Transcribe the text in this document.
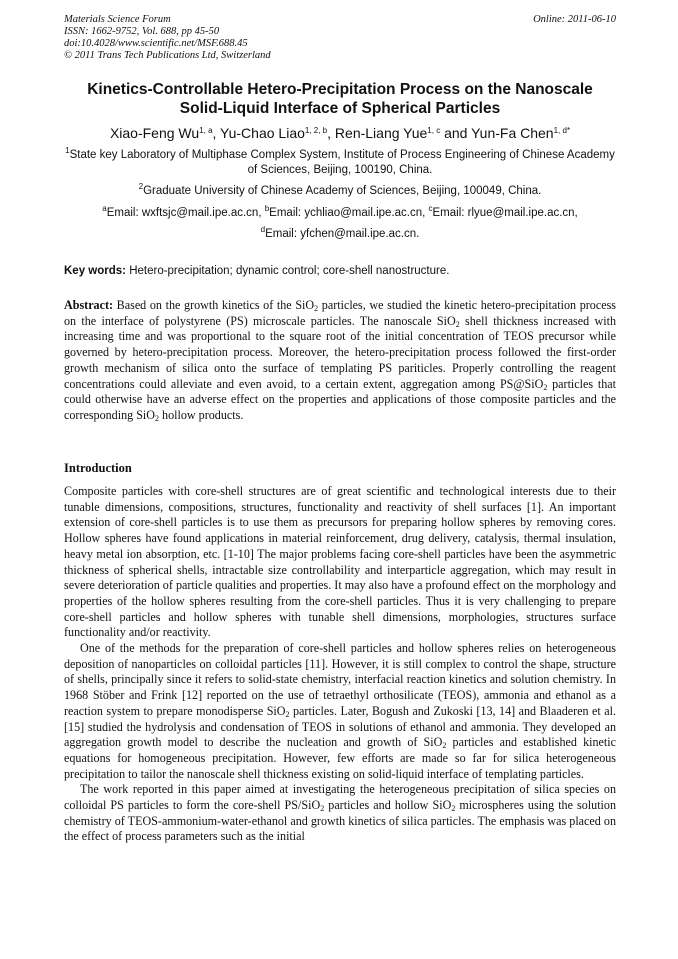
Materials Science Forum
ISSN: 1662-9752, Vol. 688, pp 45-50
doi:10.4028/www.scientific.net/MSF.688.45
© 2011 Trans Tech Publications Ltd, Switzerland
Online: 2011-06-10
Kinetics-Controllable Hetero-Precipitation Process on the Nanoscale
Solid-Liquid Interface of Spherical Particles
Xiao-Feng Wu$^{1, a}$, Yu-Chao Liao$^{1, 2, b}$, Ren-Liang Yue$^{1, c}$ and Yun-Fa Chen$^{1, d*}$
$^1$State key Laboratory of Multiphase Complex System, Institute of Process Engineering of Chinese Academy of Sciences, Beijing, 100190, China.
$^2$Graduate University of Chinese Academy of Sciences, Beijing, 100049, China.
$^a$Email: wxftsjc@mail.ipe.ac.cn, $^b$Email: ychliao@mail.ipe.ac.cn, $^c$Email: rlyue@mail.ipe.ac.cn,
$^d$Email: yfchen@mail.ipe.ac.cn.
Key words: Hetero-precipitation; dynamic control; core-shell nanostructure.
Abstract: Based on the growth kinetics of the SiO$_2$ particles, we studied the kinetic hetero-precipitation process on the interface of polystyrene (PS) microscale particles. The nanoscale SiO$_2$ shell thickness increased with increasing time and was proportional to the square root of the initial concentration of TEOS precursor while governed by hetero-precipitation process. Moreover, the hetero-precipitation process followed the first-order growth mechanism of silica onto the surface of templating PS pariticles. Properly controlling the reagent concentrations could alleviate and even avoid, to a certain extent, aggregation among PS@SiO$_2$ particles that could otherwise have an adverse effect on the properties and applications of those composite particles and the corresponding SiO$_2$ hollow products.
Introduction

Composite particles with core-shell structures are of great scientific and technological interests due to their tunable dimensions, compositions, structures, functionality and reactivity of shell surfaces [1]. An important extension of core-shell particles is to use them as precursors for preparing hollow spheres by removing cores. Hollow spheres have found applications in material reinforcement, drug delivery, catalysis, thermal insulation, heavy metal ion absorption, etc. [1-10] The major problems facing core-shell particles have been the asymmetric thickness of spherical shells, intractable size controllability and interparticle aggregation, which may result in severe deterioration of particle qualities and properties. It may also have a profound effect on the morphology and properties of the hollow spheres resulting from the core-shell particles. Thus it is very challenging to prepare core-shell particles and hollow spheres with tunable shell dimensions, morphologies, structures surface functionality and/or reactivity.

One of the methods for the preparation of core-shell particles and hollow spheres relies on heterogeneous deposition of nanoparticles on colloidal particles [11]. However, it is still complex to control the shape, structure of shells, principally since it refers to solid-state chemistry, interfacial reaction kinetics and solution chemistry. In 1968 Stöber and Frink [12] reported on the use of tetraethyl orthosilicate (TEOS), ammonia and ethanol as a reaction system to prepare monodisperse SiO$_2$ particles. Later, Bogush and Zukoski [13, 14] and Blaaderen et al. [15] studied the hydrolysis and condensation of TEOS in solutions of ethanol and ammonia. They developed an aggregation growth model to describe the nucleation and growth of SiO$_2$ particles and established kinetic equations for homogeneous precipitation. However, few efforts are made so far for silica heterogeneous precipitation to tailor the nanoscale shell thickness existing on solid-liquid interface of templating particles.

The work reported in this paper aimed at investigating the heterogeneous precipitation of silica species on colloidal PS particles to form the core-shell PS/SiO$_2$ particles and hollow SiO$_2$ microspheres using the solution chemistry of TEOS-ammonium-water-ethanol and growth kinetics of silica particles. The emphasis was placed on the effect of process parameters such as the initial
